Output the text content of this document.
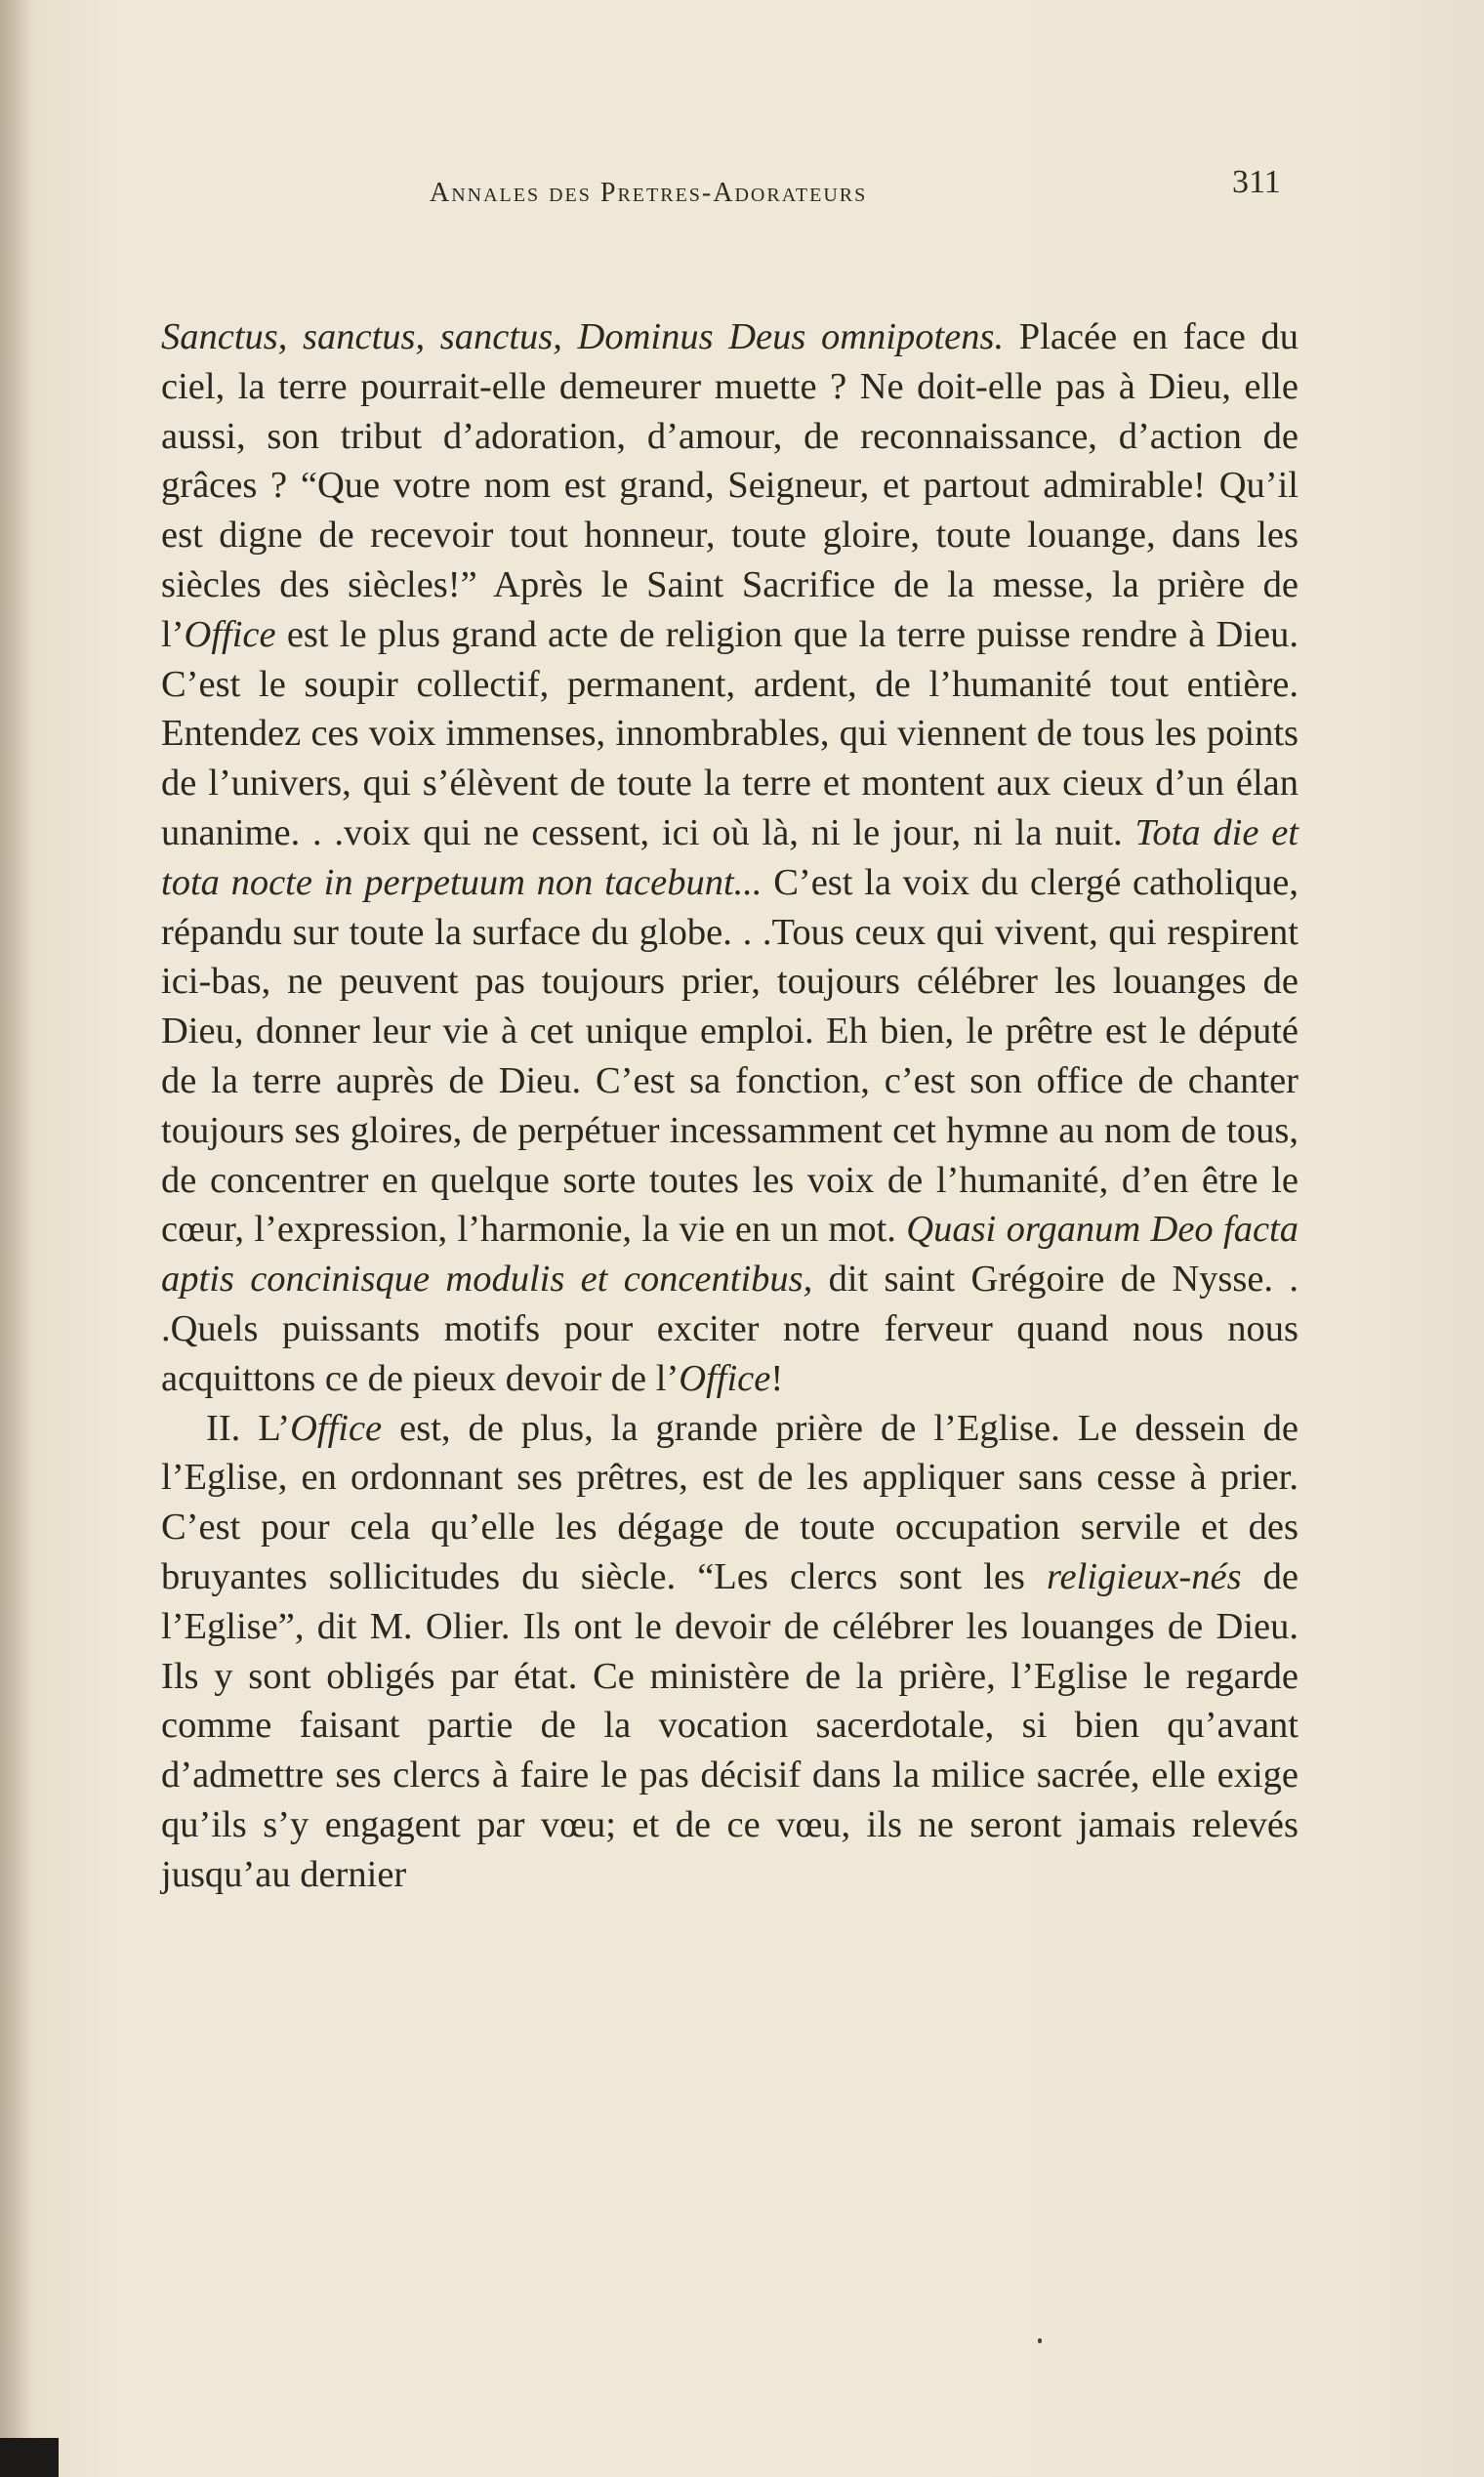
Annales des Pretres-Adorateurs	311

Sanctus, sanctus, sanctus, Dominus Deus omnipotens. Placée en face du ciel, la terre pourrait-elle demeurer muette ? Ne doit-elle pas à Dieu, elle aussi, son tribut d’adoration, d’amour, de reconnaissance, d’action de grâces ? “Que votre nom est grand, Seigneur, et partout admirable! Qu’il est digne de recevoir tout honneur, toute gloire, toute louange, dans les siècles des siècles!” Après le Saint Sacrifice de la messe, la prière de l’Office est le plus grand acte de religion que la terre puisse rendre à Dieu. C’est le soupir collectif, permanent, ardent, de l’humanité tout entière. Entendez ces voix immenses, innombrables, qui viennent de tous les points de l’univers, qui s’élèvent de toute la terre et montent aux cieux d’un élan unanime. . .voix qui ne cessent, ici où là, ni le jour, ni la nuit. Tota die et tota nocte in perpetuum non tacebunt... C’est la voix du clergé catholique, répandu sur toute la surface du globe. . .Tous ceux qui vivent, qui respirent ici-bas, ne peuvent pas toujours prier, toujours célébrer les louanges de Dieu, donner leur vie à cet unique emploi. Eh bien, le prêtre est le député de la terre auprès de Dieu. C’est sa fonction, c’est son office de chanter toujours ses gloires, de perpétuer incessamment cet hymne au nom de tous, de concentrer en quelque sorte toutes les voix de l’humanité, d’en être le cœur, l’expression, l’harmonie, la vie en un mot. Quasi organum Deo facta aptis concinisque modulis et concentibus, dit saint Grégoire de Nysse. . .Quels puissants motifs pour exciter notre ferveur quand nous nous acquittons ce de pieux devoir de l’Office!

II. L’Office est, de plus, la grande prière de l’Eglise. Le dessein de l’Eglise, en ordonnant ses prêtres, est de les appliquer sans cesse à prier. C’est pour cela qu’elle les dégage de toute occupation servile et des bruyantes sollicitudes du siècle. “Les clercs sont les religieux-nés de l’Eglise”, dit M. Olier. Ils ont le devoir de célébrer les louanges de Dieu. Ils y sont obligés par état. Ce ministère de la prière, l’Eglise le regarde comme faisant partie de la vocation sacerdotale, si bien qu’avant d’admettre ses clercs à faire le pas décisif dans la milice sacrée, elle exige qu’ils s’y engagent par vœu; et de ce vœu, ils ne seront jamais relevés jusqu’au dernier
